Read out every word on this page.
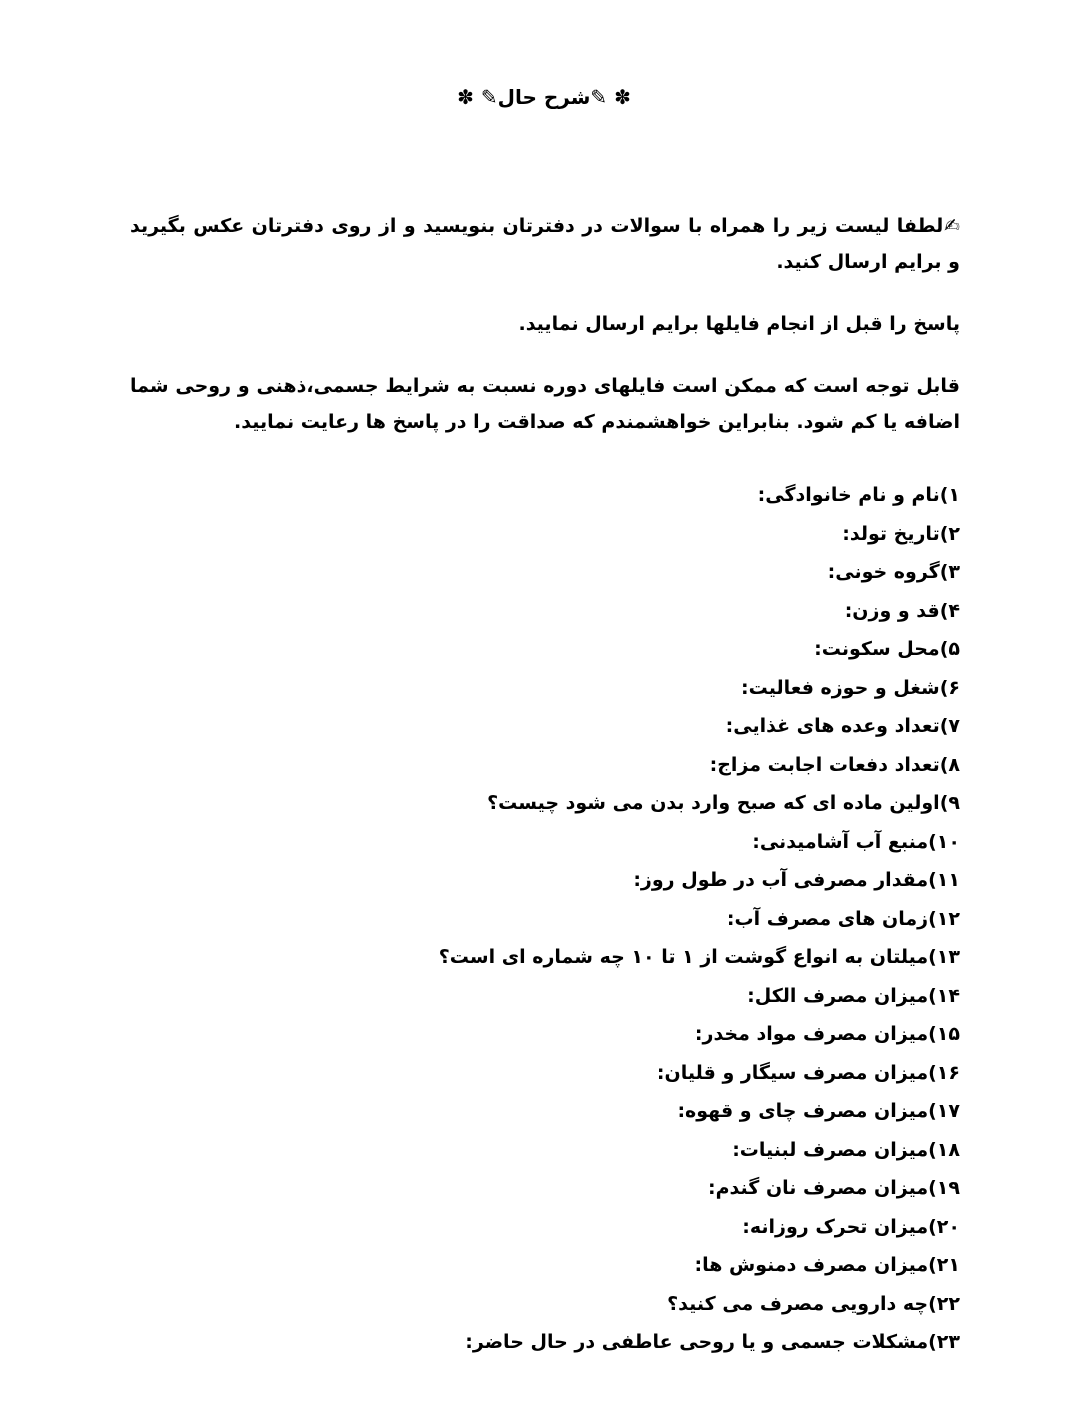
✽ ✎شرح حال✎ ✽

✍لطفا لیست زیر را همراه با سوالات در دفترتان بنویسید و از روی دفترتان عکس بگیرید و برایم ارسال کنید.

پاسخ را قبل از انجام فایلها برایم ارسال نمایید.

قابل توجه است که ممکن است فایلهای دوره نسبت به شرایط جسمی،ذهنی و روحی شما اضافه یا کم شود. بنابراین خواهشمندم که صداقت را در پاسخ ها رعایت نمایید.

۱)نام و نام خانوادگی:
۲)تاریخ تولد:
۳)گروه خونی:
۴)قد و وزن:
۵)محل سکونت:
۶)شغل و حوزه فعالیت:
۷)تعداد وعده های غذایی:
۸)تعداد دفعات اجابت مزاج:
۹)اولین ماده ای که صبح وارد بدن می شود چیست؟
۱۰)منبع آب آشامیدنی:
۱۱)مقدار مصرفی آب در طول روز:
۱۲)زمان های مصرف آب:
۱۳)میلتان به انواع گوشت از ۱ تا ۱۰ چه شماره ای است؟
۱۴)میزان مصرف الکل:
۱۵)میزان مصرف مواد مخدر:
۱۶)میزان مصرف سیگار و قلیان:
۱۷)میزان مصرف چای و قهوه:
۱۸)میزان مصرف لبنیات:
۱۹)میزان مصرف نان گندم:
۲۰)میزان تحرک روزانه:
۲۱)میزان مصرف دمنوش ها:
۲۲)چه دارویی مصرف می کنید؟
۲۳)مشکلات جسمی و یا روحی عاطفی در حال حاضر:
